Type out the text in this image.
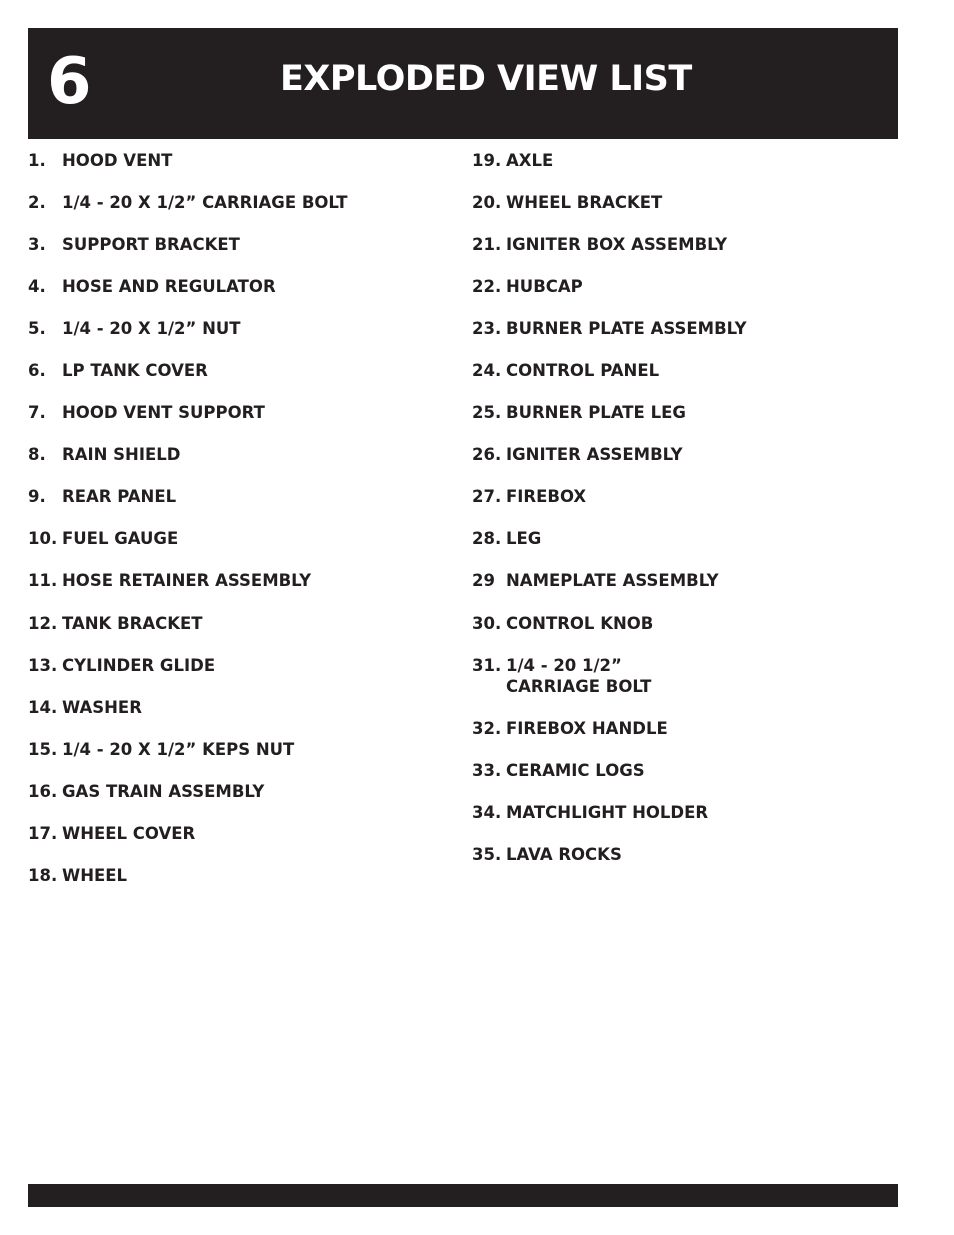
6	EXPLODED VIEW LIST
1. HOOD VENT
2. 1/4 - 20 X 1/2” CARRIAGE BOLT
3. SUPPORT BRACKET
4. HOSE AND REGULATOR
5. 1/4 - 20 X 1/2” NUT
6. LP TANK COVER
7. HOOD VENT SUPPORT
8. RAIN SHIELD
9. REAR PANEL
10. FUEL GAUGE
11. HOSE RETAINER ASSEMBLY
12. TANK BRACKET
13. CYLINDER GLIDE
14. WASHER
15. 1/4 - 20 X 1/2” KEPS NUT
16. GAS TRAIN ASSEMBLY
17. WHEEL COVER
18. WHEEL
19. AXLE
20. WHEEL BRACKET
21. IGNITER BOX ASSEMBLY
22. HUBCAP
23. BURNER PLATE ASSEMBLY
24. CONTROL PANEL
25. BURNER PLATE LEG
26. IGNITER ASSEMBLY
27. FIREBOX
28. LEG
29 NAMEPLATE ASSEMBLY
30. CONTROL KNOB
31. 1/4 - 20 1/2”
CARRIAGE BOLT
32. FIREBOX HANDLE
33. CERAMIC LOGS
34. MATCHLIGHT HOLDER
35. LAVA ROCKS
